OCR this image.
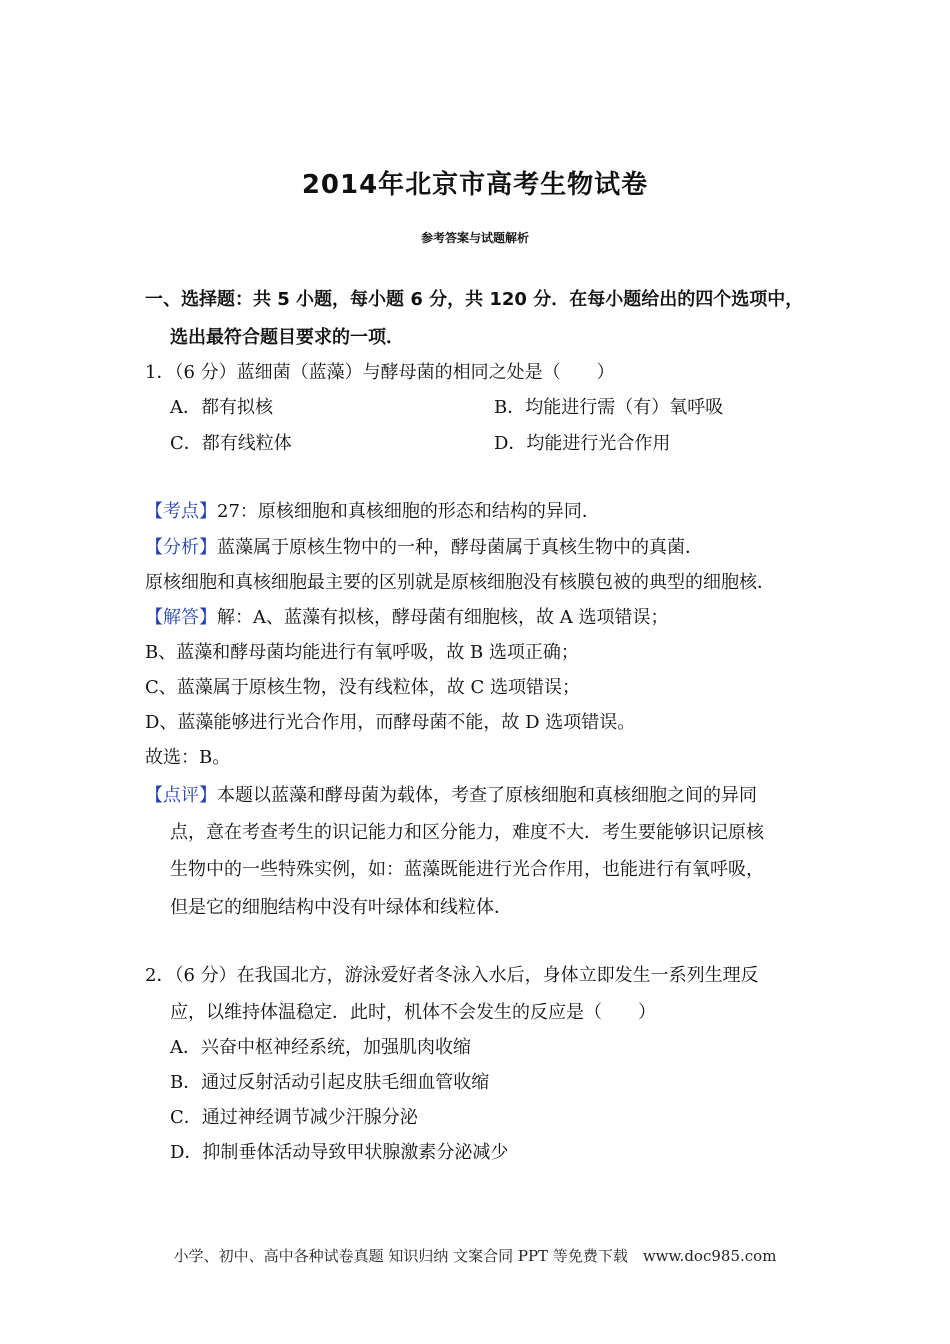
2014年北京市高考生物试卷
参考答案与试题解析
一、选择题：共 5 小题，每小题 6 分，共 120 分．在每小题给出的四个选项中，
选出最符合题目要求的一项．
1．（6 分）蓝细菌（蓝藻）与酵母菌的相同之处是（　　）
A．都有拟核	B．均能进行需（有）氧呼吸
C．都有线粒体	D．均能进行光合作用
【考点】27：原核细胞和真核细胞的形态和结构的异同．
【分析】蓝藻属于原核生物中的一种，酵母菌属于真核生物中的真菌．
原核细胞和真核细胞最主要的区别就是原核细胞没有核膜包被的典型的细胞核．
【解答】解：A、蓝藻有拟核，酵母菌有细胞核，故 A 选项错误；
B、蓝藻和酵母菌均能进行有氧呼吸，故 B 选项正确；
C、蓝藻属于原核生物，没有线粒体，故 C 选项错误；
D、蓝藻能够进行光合作用，而酵母菌不能，故 D 选项错误。
故选：B。
【点评】本题以蓝藻和酵母菌为载体，考查了原核细胞和真核细胞之间的异同
点，意在考查考生的识记能力和区分能力，难度不大．考生要能够识记原核
生物中的一些特殊实例，如：蓝藻既能进行光合作用，也能进行有氧呼吸，
但是它的细胞结构中没有叶绿体和线粒体．
2．（6 分）在我国北方，游泳爱好者冬泳入水后，身体立即发生一系列生理反
应，以维持体温稳定．此时，机体不会发生的反应是（　　）
A．兴奋中枢神经系统，加强肌肉收缩
B．通过反射活动引起皮肤毛细血管收缩
C．通过神经调节减少汗腺分泌
D．抑制垂体活动导致甲状腺激素分泌减少
小学、初中、高中各种试卷真题 知识归纳 文案合同 PPT 等免费下载　www.doc985.com
